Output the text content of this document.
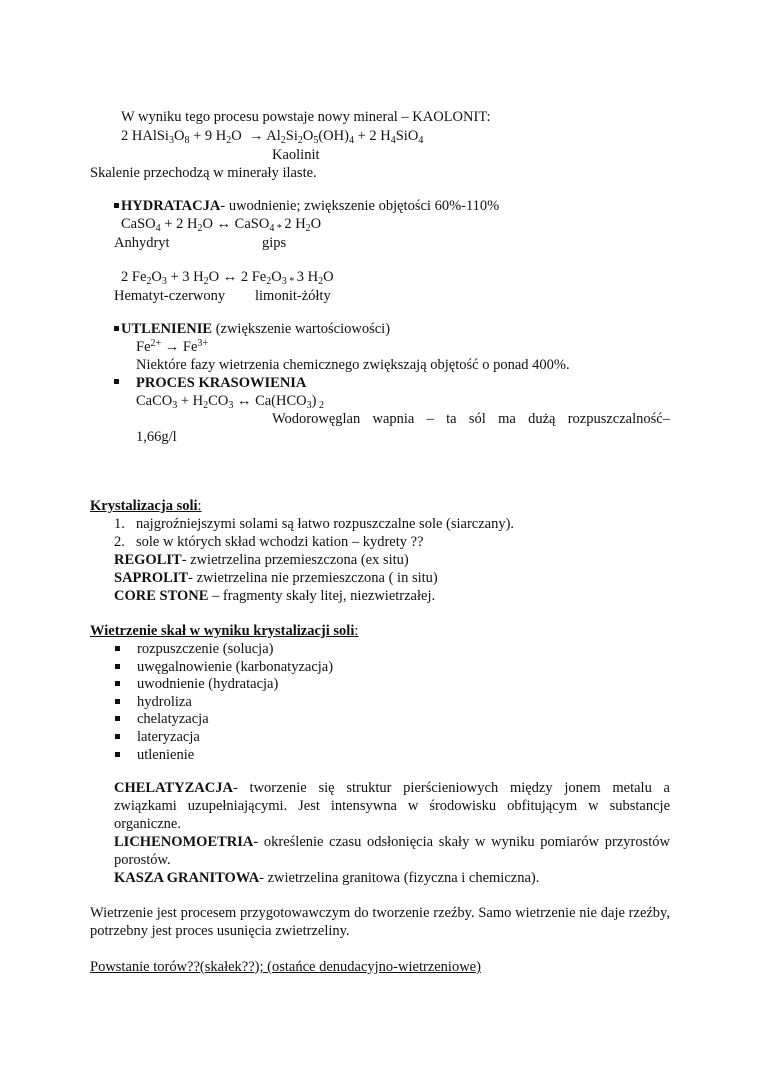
W wyniku tego procesu powstaje nowy mineral – KAOLONIT:
2 $HAlSi_3O_8 + 9$ $H_2O \to Al_2Si_2O_5(OH)_4 + 2$ $H_4SiO_4$
Kaolinit
Skalenie przechodzą w minerały ilaste.
HYDRATACJA- uwodnienie; zwiększenie objętości 60%-110%
CaSO$_4$ + 2 $H_2O$ ↔ CaSO$_{4 *}$ 2 $H_2O$
Anhydryt	gips
2 $Fe_2O_3 + 3$ $H_2O$ ↔ 2 $Fe_2O_{3 *}$ 3 $H_2O$
Hematyt-czerwony limonit-żółty
UTLENIENIE (zwiększenie wartościowości)
$Fe^{2+} \to Fe^{3+}$
Niektóre fazy wietrzenia chemicznego zwiększają objętość o ponad 400%.
PROCES KRASOWIENIA
CaCO$_3$ + $H_2CO_3$ ↔ $Ca(HCO_3)$ $_2$
Wodorowęglan wapnia – ta sól ma dużą rozpuszczalność–
1,66g/l
Krystalizacja soli:
1. najgroźniejszymi solami są łatwo rozpuszczalne sole (siarczany).
2. sole w których skład wchodzi kation – kydrety ??
REGOLIT- zwietrzelina przemieszczona (ex situ)
SAPROLIT- zwietrzelina nie przemieszczona ( in situ)
CORE STONE – fragmenty skały litej, niezwietrzałej.
Wietrzenie skał w wyniku krystalizacji soli:
rozpuszczenie (solucja)
uwęgalnowienie (karbonatyzacja)
uwodnienie (hydratacja)
hydroliza
chelatyzacja
lateryzacja
utlenienie
CHELATYZACJA- tworzenie się struktur pierścieniowych między jonem metalu a związkami uzupełniającymi. Jest intensywna w środowisku obfitującym w substancje organiczne.
LICHENOMOETRIA- określenie czasu odsłonięcia skały w wyniku pomiarów przyrostów porostów.
KASZA GRANITOWA- zwietrzelina granitowa (fizyczna i chemiczna).
Wietrzenie jest procesem przygotowawczym do tworzenie rzeźby. Samo wietrzenie nie daje rzeźby, potrzebny jest proces usunięcia zwietrzeliny.
Powstanie torów??(skałek??); (ostańce denudacyjno-wietrzeniowe)
